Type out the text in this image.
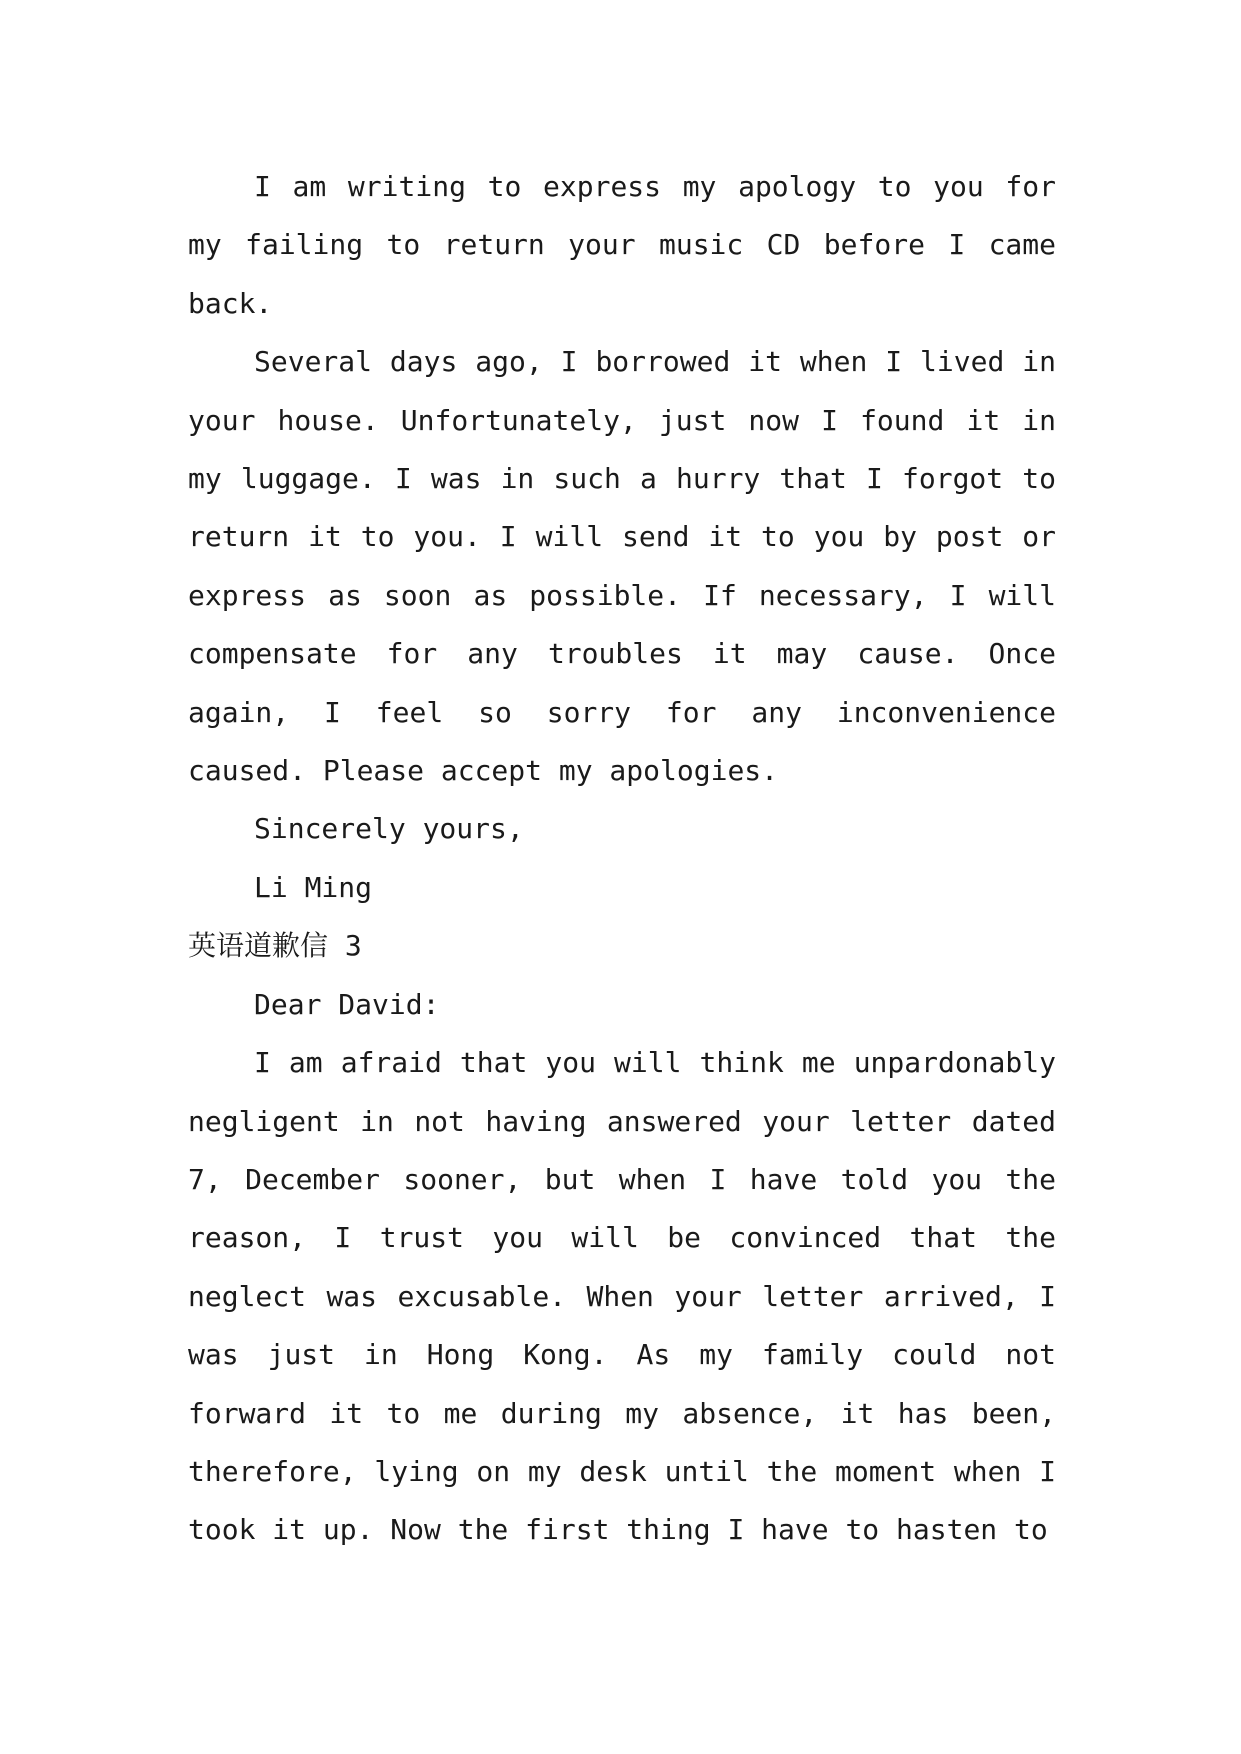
I am writing to express my apology to you for my failing to return your music CD before I came back.

Several days ago, I borrowed it when I lived in your house. Unfortunately, just now I found it in my luggage. I was in such a hurry that I forgot to return it to you. I will send it to you by post or express as soon as possible. If necessary, I will compensate for any troubles it may cause. Once again, I feel so sorry for any inconvenience caused. Please accept my apologies.

Sincerely yours,

Li Ming

英语道歉信 3

Dear David:

I am afraid that you will think me unpardonably negligent in not having answered your letter dated 7, December sooner, but when I have told you the reason, I trust you will be convinced that the neglect was excusable. When your letter arrived, I was just in Hong Kong. As my family could not forward it to me during my absence, it has been, therefore, lying on my desk until the moment when I took it up. Now the first thing I have to hasten to
